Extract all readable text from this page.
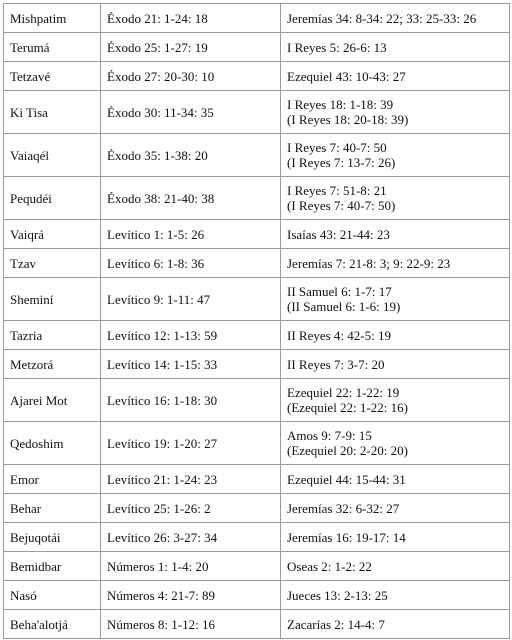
Mishpatim	Éxodo 21: 1-24: 18	Jeremías 34: 8-34: 22; 33: 25-33: 26

Terumá	Éxodo 25: 1-27: 19	I Reyes 5: 26-6: 13

Tetzavé	Éxodo 27: 20-30: 10	Ezequiel 43: 10-43: 27

Ki Tisa	Éxodo 30: 11-34: 35	I Reyes 18: 1-18: 39
(I Reyes 18: 20-18: 39)

Vaiaqél	Éxodo 35: 1-38: 20	I Reyes 7: 40-7: 50
(I Reyes 7: 13-7: 26)

Pequdéi	Éxodo 38: 21-40: 38	I Reyes 7: 51-8: 21
(I Reyes 7: 40-7: 50)

Vaiqrá	Levítico 1: 1-5: 26	Isaías 43: 21-44: 23

Tzav	Levítico 6: 1-8: 36	Jeremías 7: 21-8: 3; 9: 22-9: 23

Sheminí	Levítico 9: 1-11: 47	II Samuel 6: 1-7: 17
(II Samuel 6: 1-6: 19)

Tazria	Levítico 12: 1-13: 59	II Reyes 4: 42-5: 19

Metzorá	Levítico 14: 1-15: 33	II Reyes 7: 3-7: 20

Ajarei Mot	Levítico 16: 1-18: 30	Ezequiel 22: 1-22: 19
(Ezequiel 22: 1-22: 16)

Qedoshim	Levítico 19: 1-20: 27	Amos 9: 7-9: 15
(Ezequiel 20: 2-20: 20)

Emor	Levítico 21: 1-24: 23	Ezequiel 44: 15-44: 31

Behar	Levítico 25: 1-26: 2	Jeremías 32: 6-32: 27

Bejuqotái	Levítico 26: 3-27: 34	Jeremías 16: 19-17: 14

Bemidbar	Números 1: 1-4: 20	Oseas 2: 1-2: 22

Nasó	Números 4: 21-7: 89	Jueces 13: 2-13: 25

Beha'alotjá	Números 8: 1-12: 16	Zacarías 2: 14-4: 7
